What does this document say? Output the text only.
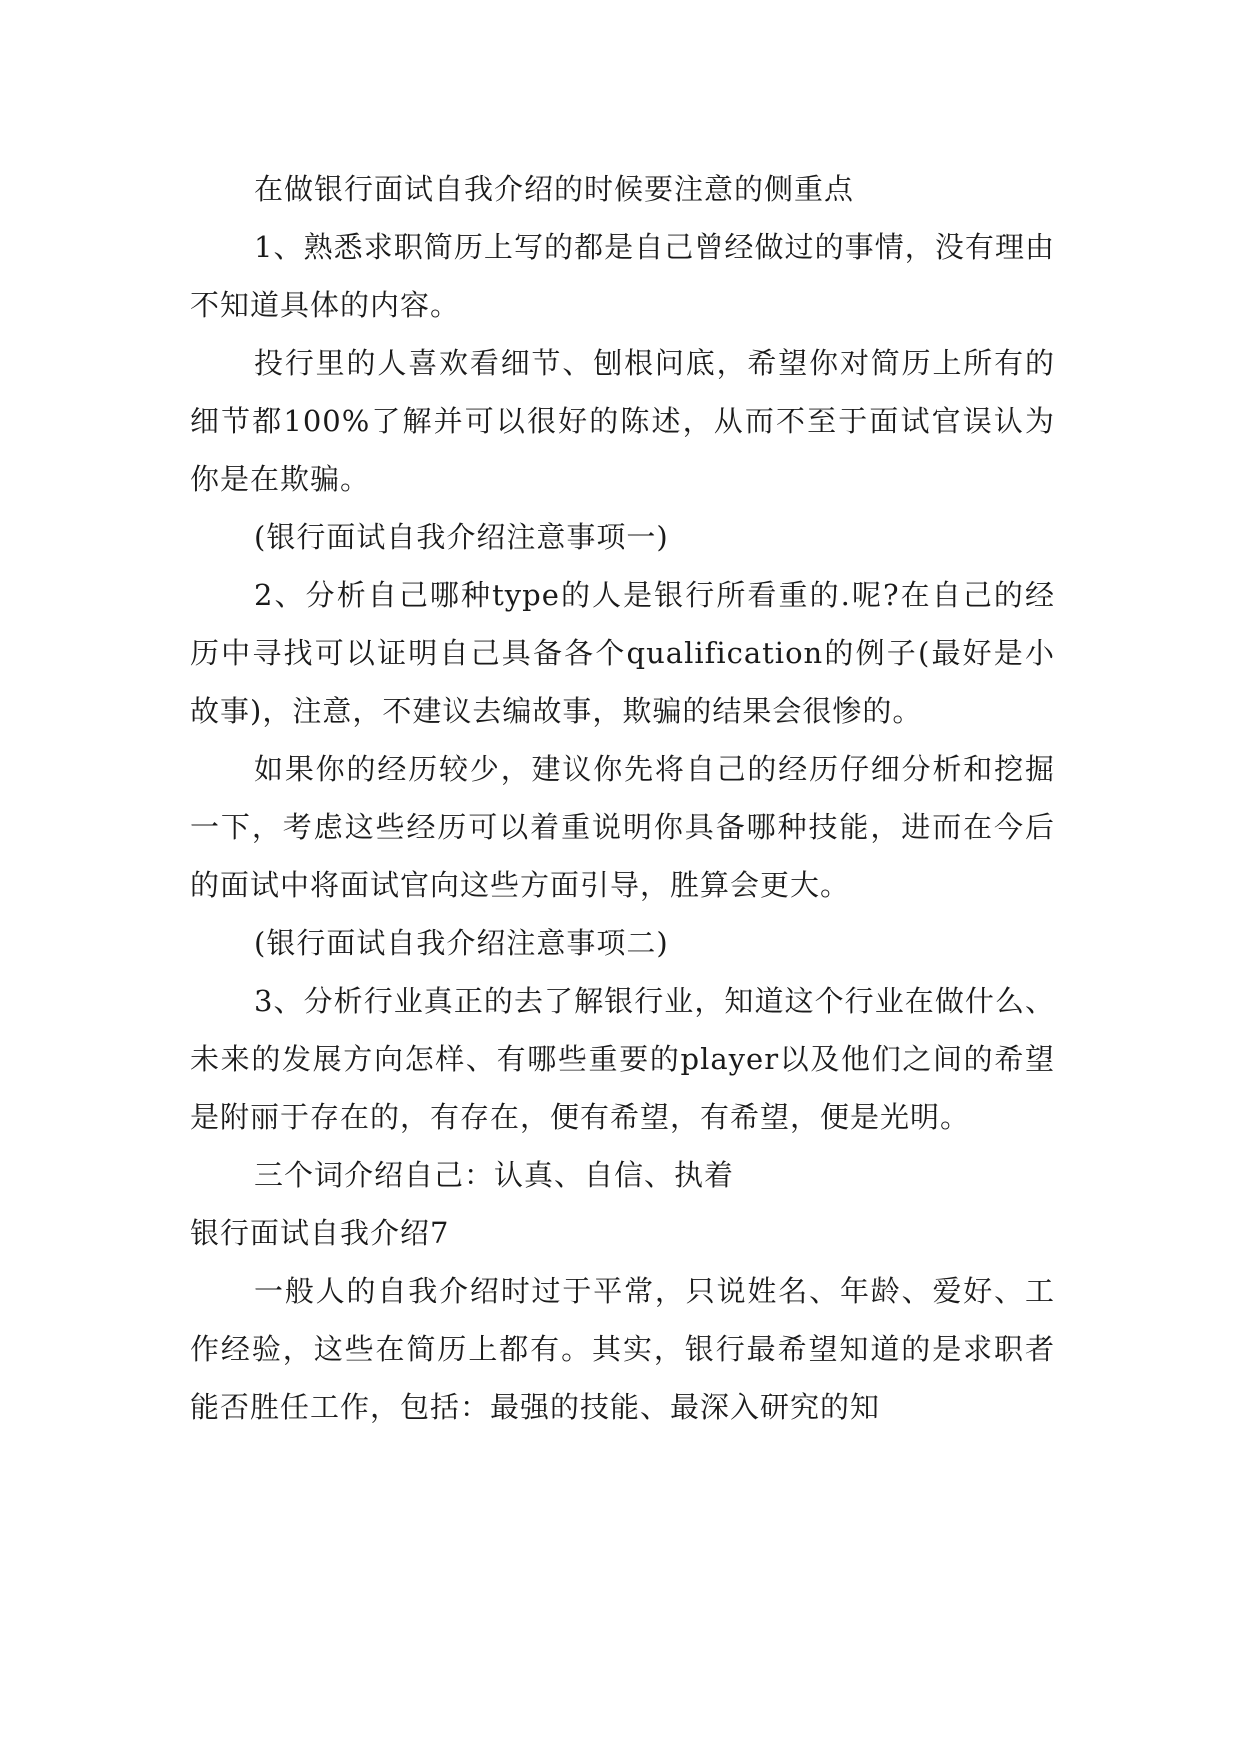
在做银行面试自我介绍的时候要注意的侧重点

1、熟悉求职简历上写的都是自己曾经做过的事情，没有理由不知道具体的内容。

投行里的人喜欢看细节、刨根问底，希望你对简历上所有的细节都100%了解并可以很好的陈述，从而不至于面试官误认为你是在欺骗。

(银行面试自我介绍注意事项一)

2、分析自己哪种type的人是银行所看重的.呢?在自己的经历中寻找可以证明自己具备各个qualification的例子(最好是小故事)，注意，不建议去编故事，欺骗的结果会很惨的。

如果你的经历较少，建议你先将自己的经历仔细分析和挖掘一下，考虑这些经历可以着重说明你具备哪种技能，进而在今后的面试中将面试官向这些方面引导，胜算会更大。

(银行面试自我介绍注意事项二)

3、分析行业真正的去了解银行业，知道这个行业在做什么、未来的发展方向怎样、有哪些重要的player以及他们之间的希望是附丽于存在的，有存在，便有希望，有希望，便是光明。

三个词介绍自己：认真、自信、执着

银行面试自我介绍7

一般人的自我介绍时过于平常，只说姓名、年龄、爱好、工作经验，这些在简历上都有。其实，银行最希望知道的是求职者能否胜任工作，包括：最强的技能、最深入研究的知
